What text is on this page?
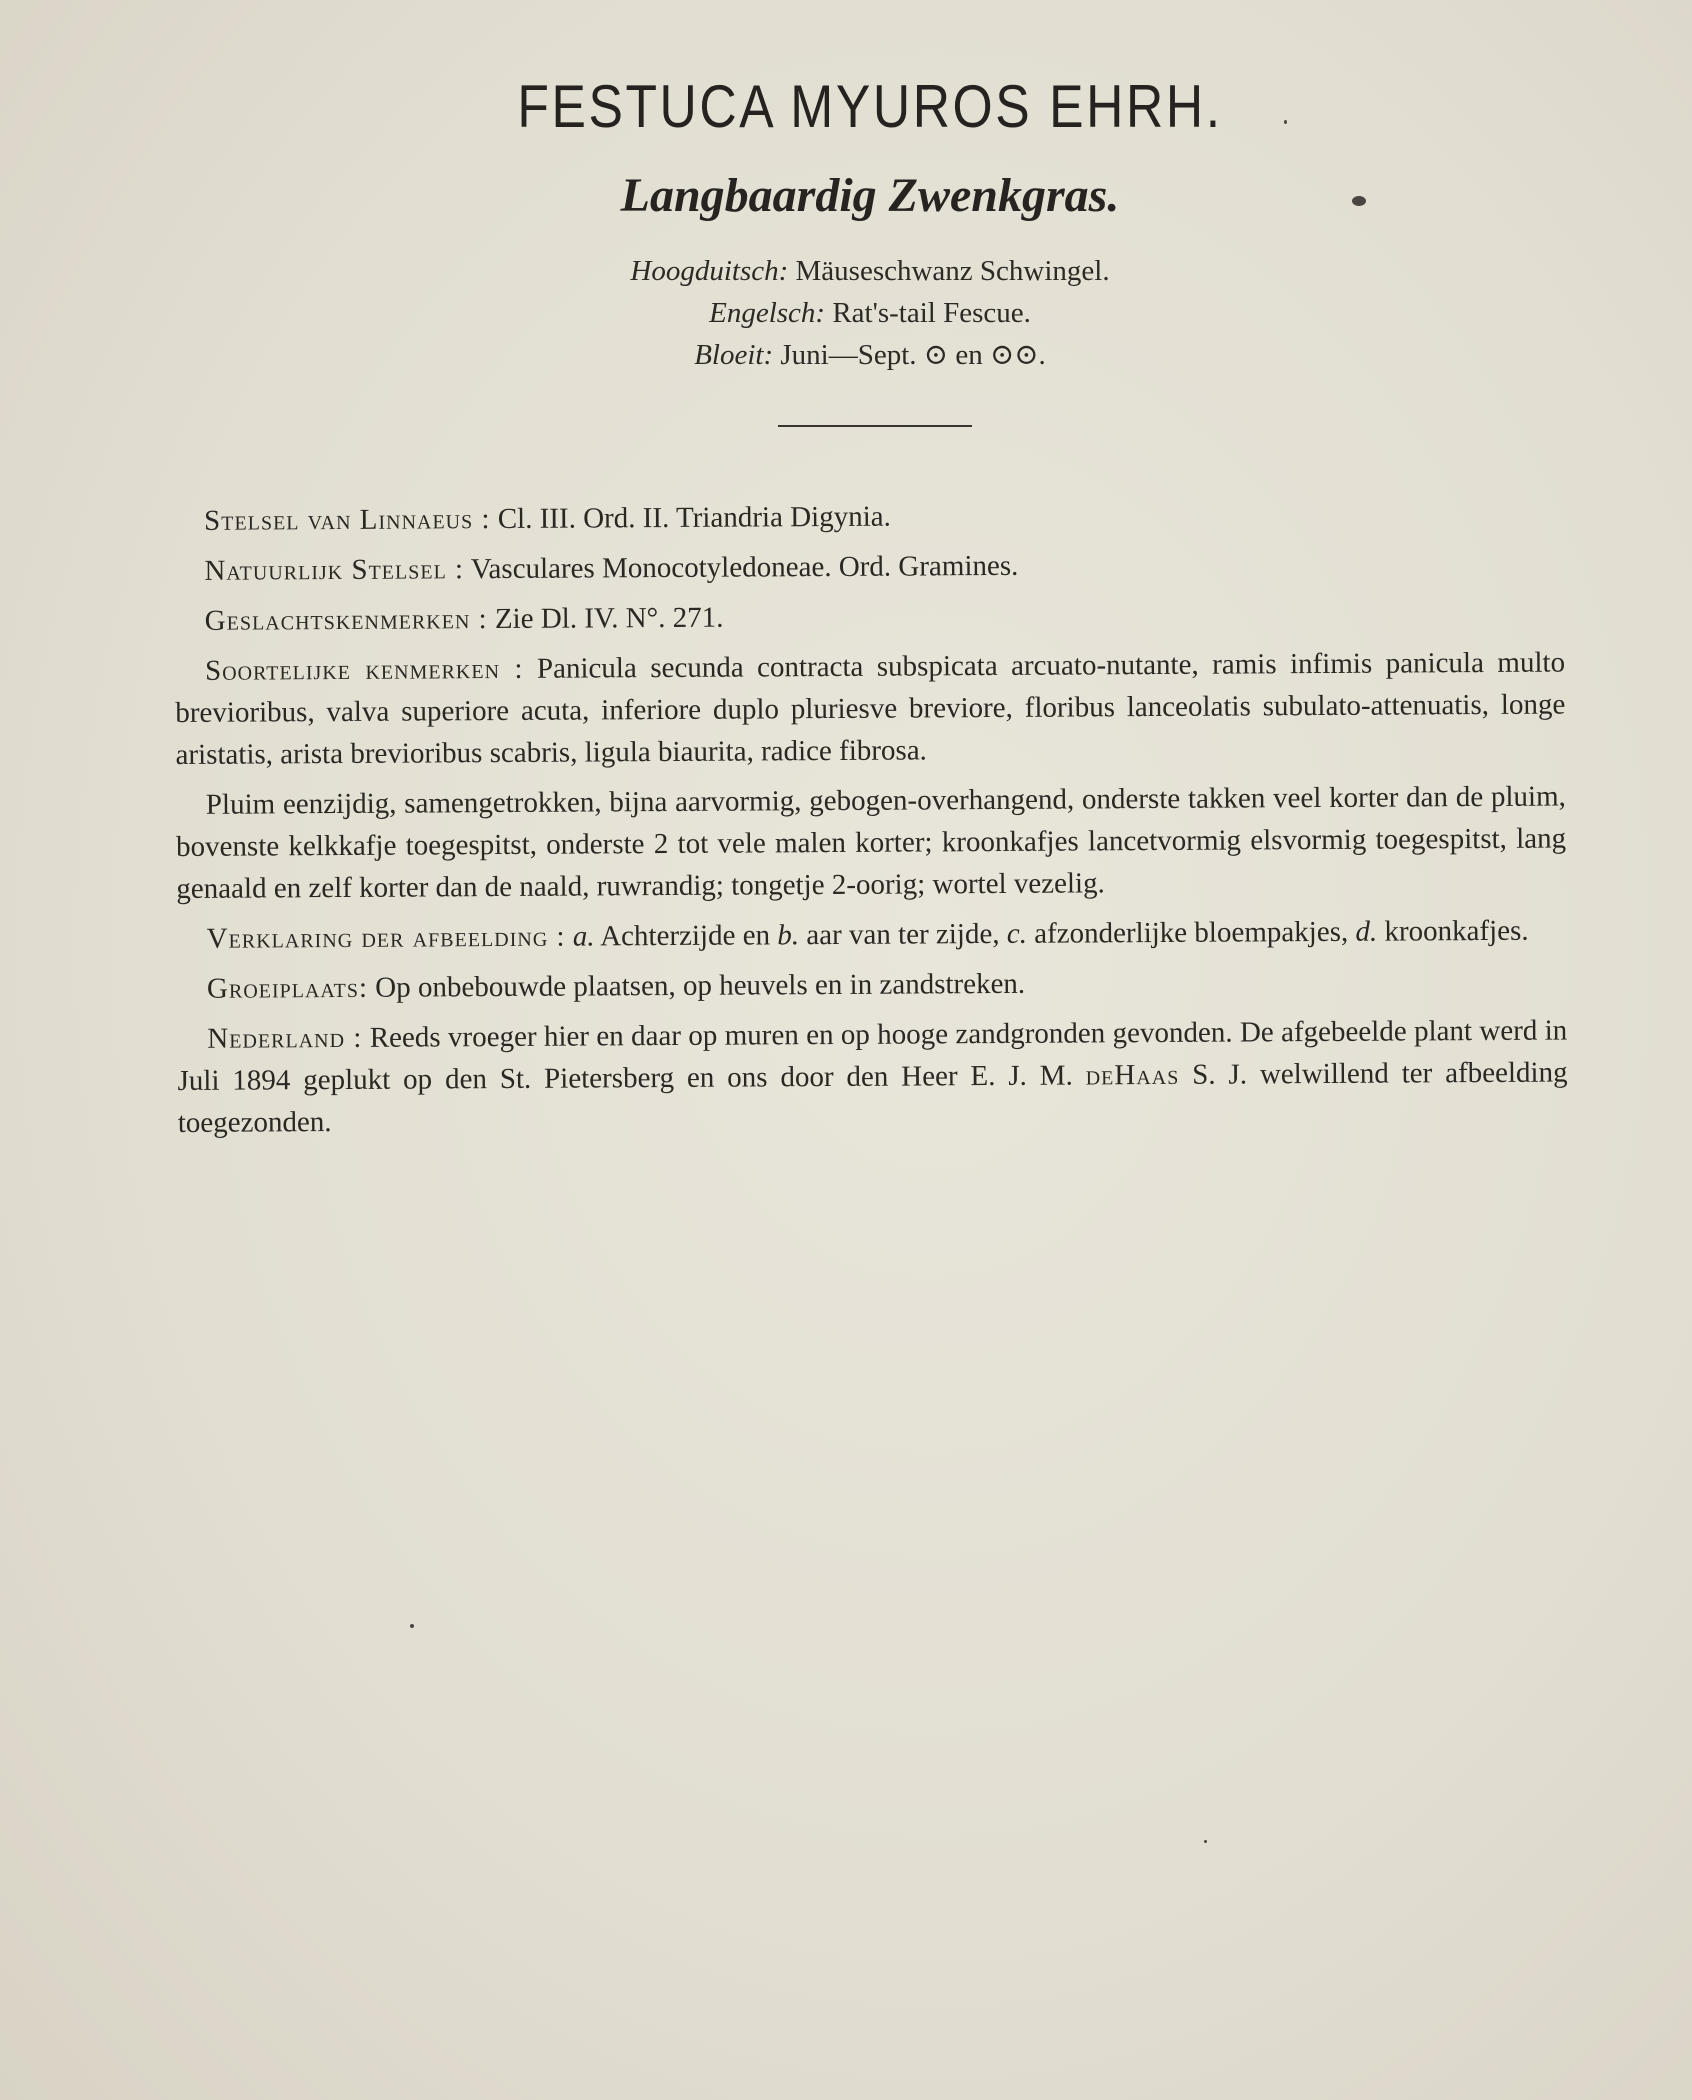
FESTUCA MYUROS EHRH.
Langbaardig Zwenkgras.
Hoogduitsch: Mäuseschwanz Schwingel.
Engelsch: Rat's-tail Fescue.
Bloeit: Juni—Sept. ⊙ en ⊙⊙.

Stelsel van Linnaeus : Cl. III. Ord. II. Triandria Digynia.

Natuurlijk Stelsel : Vasculares Monocotyledoneae. Ord. Gramines.

Geslachtskenmerken : Zie Dl. IV. N°. 271.

Soortelijke kenmerken : Panicula secunda contracta subspicata arcuato-nutante, ramis infimis panicula multo brevioribus, valva superiore acuta, inferiore duplo pluriesve breviore, floribus lanceolatis subulato-attenuatis, longe aristatis, arista brevioribus scabris, ligula biaurita, radice fibrosa.

Pluim eenzijdig, samengetrokken, bijna aarvormig, gebogen-overhangend, onderste takken veel korter dan de pluim, bovenste kelkkafje toegespitst, onderste 2 tot vele malen korter; kroonkafjes lancetvormig elsvormig toegespitst, lang genaald en zelf korter dan de naald, ruwrandig; tongetje 2-oorig; wortel vezelig.

Verklaring der afbeelding : a. Achterzijde en b. aar van ter zijde, c. afzonderlijke bloempakjes, d. kroonkafjes.

Groeiplaats: Op onbebouwde plaatsen, op heuvels en in zandstreken.

Nederland : Reeds vroeger hier en daar op muren en op hooge zandgronden gevonden. De afgebeelde plant werd in Juli 1894 geplukt op den St. Pietersberg en ons door den Heer E. J. M. deHaas S. J. welwillend ter afbeelding toegezonden.
